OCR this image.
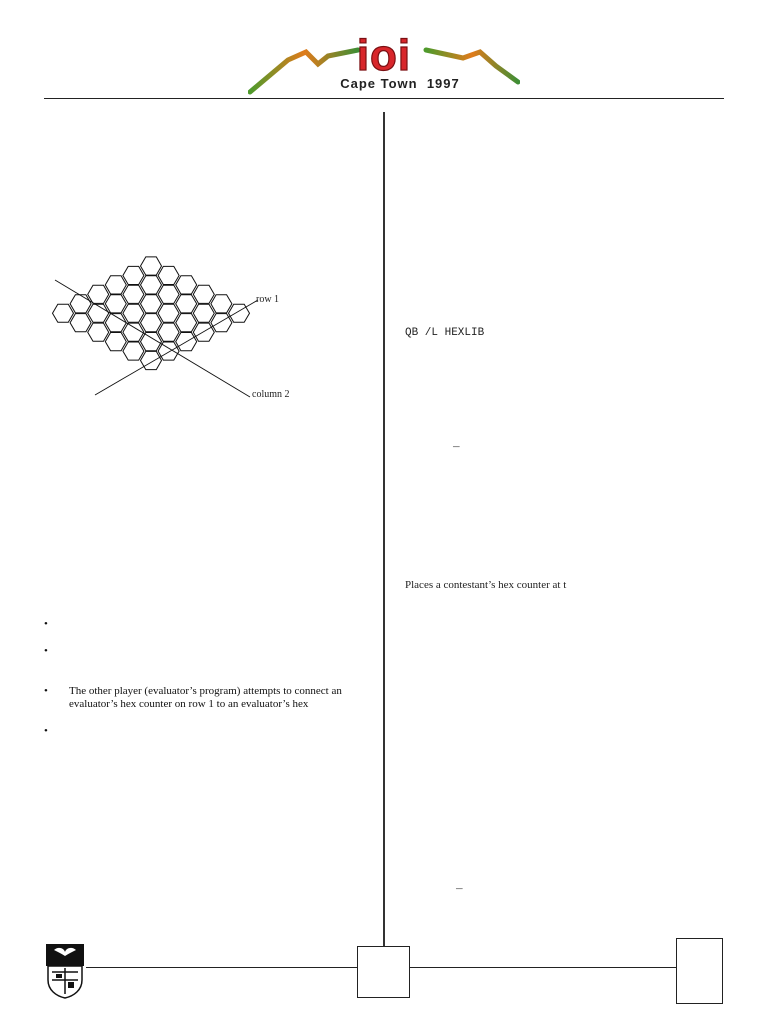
ioi
Cape Town  1997
row 1
column 2
•
•
• The other player (evaluator’s program) attempts to connect an evaluator’s hex counter on row 1 to an evaluator’s hex
•
QB /L HEXLIB
_
Places a contestant’s hex counter at t
_
